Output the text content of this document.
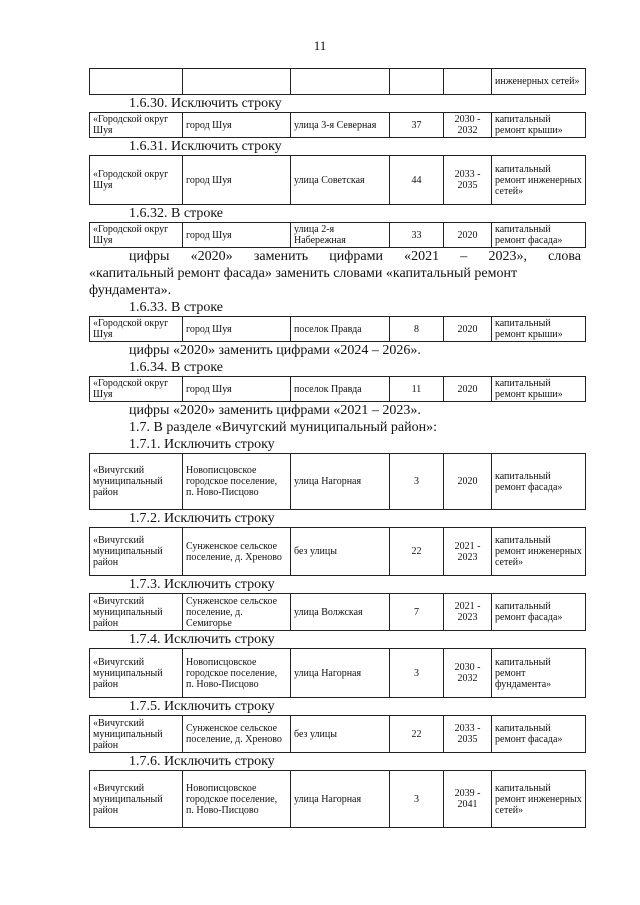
11
					инженерных сетей»
1.6.30. Исключить строку
«Городской округ Шуя	город Шуя	улица 3-я Северная	37	2030 - 2032	капитальный ремонт крыши»
1.6.31. Исключить строку
«Городской округ Шуя	город Шуя	улица Советская	44	2033 - 2035	капитальный ремонт инженерных сетей»
1.6.32. В строке
«Городской округ Шуя	город Шуя	улица 2-я Набережная	33	2020	капитальный ремонт фасада»
цифры «2020» заменить цифрами «2021 – 2023», слова
«капитальный ремонт фасада» заменить словами «капитальный ремонт
фундамента».
1.6.33. В строке
«Городской округ Шуя	город Шуя	поселок Правда	8	2020	капитальный ремонт крыши»
цифры «2020» заменить цифрами «2024 – 2026».
1.6.34. В строке
«Городской округ Шуя	город Шуя	поселок Правда	11	2020	капитальный ремонт крыши»
цифры «2020» заменить цифрами «2021 – 2023».
1.7. В разделе «Вичугский муниципальный район»:
1.7.1. Исключить строку
«Вичугский муниципальный район	Новописцовское городское поселение, п. Ново-Писцово	улица Нагорная	3	2020	капитальный ремонт фасада»
1.7.2. Исключить строку
«Вичугский муниципальный район	Сунженское сельское поселение, д. Хреново	без улицы	22	2021 - 2023	капитальный ремонт инженерных сетей»
1.7.3. Исключить строку
«Вичугский муниципальный район	Сунженское сельское поселение, д. Семигорье	улица Волжская	7	2021 - 2023	капитальный ремонт фасада»
1.7.4. Исключить строку
«Вичугский муниципальный район	Новописцовское городское поселение, п. Ново-Писцово	улица Нагорная	3	2030 - 2032	капитальный ремонт фундамента»
1.7.5. Исключить строку
«Вичугский муниципальный район	Сунженское сельское поселение, д. Хреново	без улицы	22	2033 - 2035	капитальный ремонт фасада»
1.7.6. Исключить строку
«Вичугский муниципальный район	Новописцовское городское поселение, п. Ново-Писцово	улица Нагорная	3	2039 - 2041	капитальный ремонт инженерных сетей»
